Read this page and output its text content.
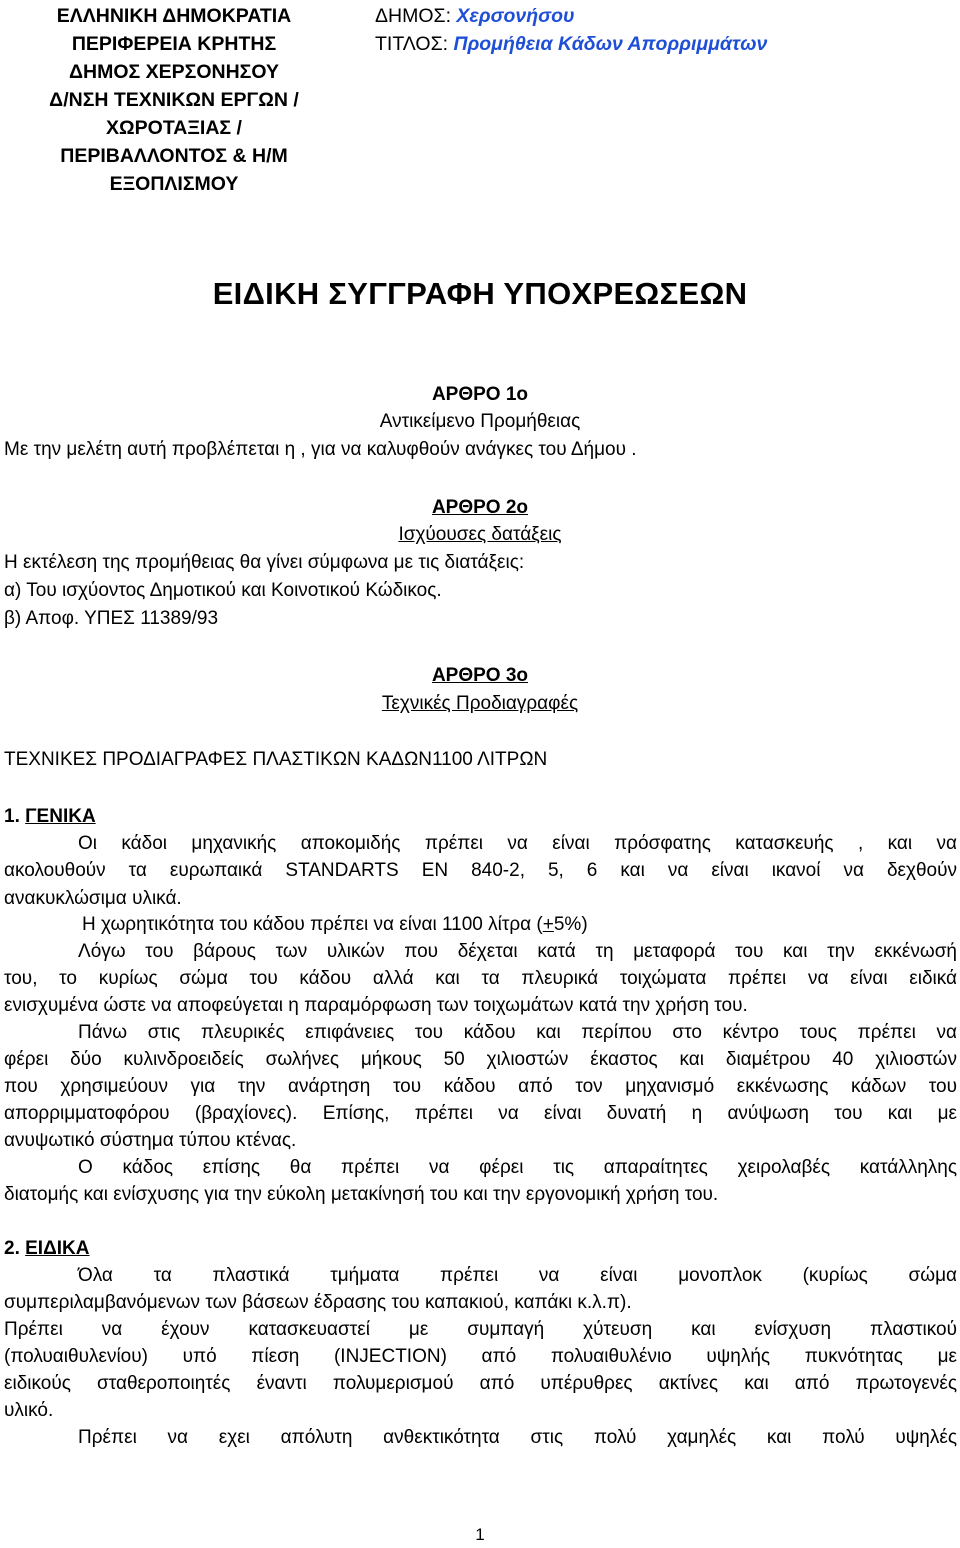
ΕΛΛΗΝΙΚΗ ΔΗΜΟΚΡΑΤΙΑ
ΠΕΡΙΦΕΡΕΙΑ ΚΡΗΤΗΣ
ΔΗΜΟΣ ΧΕΡΣΟΝΗΣΟΥ
Δ/ΝΣΗ ΤΕΧΝΙΚΩΝ ΕΡΓΩΝ /
ΧΩΡΟΤΑΞΙΑΣ /
ΠΕΡΙΒΑΛΛΟΝΤΟΣ & Η/Μ
ΕΞΟΠΛΙΣΜΟΥ
ΔΗΜΟΣ: Χερσονήσου
ΤΙΤΛΟΣ: Προμήθεια Κάδων Απορριμμάτων
ΕΙΔΙΚΗ ΣΥΓΓΡΑΦΗ ΥΠΟΧΡΕΩΣΕΩΝ
ΑΡΘΡΟ 1ο
Αντικείμενο Προμήθειας
Με την μελέτη αυτή προβλέπεται η , για να καλυφθούν ανάγκες του Δήμου .
ΑΡΘΡΟ 2ο
Ισχύουσες δατάξεις
Η εκτέλεση της προμήθειας θα γίνει σύμφωνα με τις διατάξεις:
α) Του ισχύοντος Δημοτικού και Κοινοτικού Κώδικος.
β) Αποφ. ΥΠΕΣ 11389/93
ΑΡΘΡΟ 3ο
Τεχνικές Προδιαγραφές
ΤΕΧΝΙΚΕΣ ΠΡΟΔΙΑΓΡΑΦΕΣ ΠΛΑΣΤΙΚΩΝ ΚΑΔΩΝ1100 ΛΙΤΡΩΝ
1. ΓΕΝΙΚΑ
Οι κάδοι μηχανικής αποκομιδής πρέπει να είναι πρόσφατης κατασκευής , και να
ακολουθούν τα ευρωπαικά STANDARTS EN 840-2, 5, 6 και να είναι ικανοί να δεχθούν
ανακυκλώσιμα υλικά.
Η χωρητικότητα του κάδου πρέπει να είναι 1100 λίτρα (+5%)
Λόγω του βάρους των υλικών που δέχεται κατά τη μεταφορά του και την εκκένωσή
του, το κυρίως σώμα του κάδου αλλά και τα πλευρικά τοιχώματα πρέπει να είναι ειδικά
ενισχυμένα ώστε να αποφεύγεται η παραμόρφωση των τοιχωμάτων κατά την χρήση του.
Πάνω στις πλευρικές επιφάνειες του κάδου και περίπου στο κέντρο τους πρέπει να
φέρει δύο κυλινδροειδείς σωλήνες μήκους 50 χιλιοστών έκαστος και διαμέτρου 40 χιλιοστών
που χρησιμεύουν για την ανάρτηση του κάδου από τον μηχανισμό εκκένωσης κάδων του
απορριμματοφόρου (βραχίονες). Επίσης, πρέπει να είναι δυνατή η ανύψωση του και με
ανυψωτικό σύστημα τύπου κτένας.
Ο κάδος επίσης θα πρέπει να φέρει τις απαραίτητες χειρολαβές κατάλληλης
διατομής και ενίσχυσης για την εύκολη μετακίνησή του και την εργονομική χρήση του.
2. ΕΙΔΙΚΑ
Όλα τα πλαστικά τμήματα πρέπει να είναι μονοπλοκ (κυρίως σώμα
συμπεριλαμβανόμενων των βάσεων έδρασης του καπακιού, καπάκι κ.λ.π).
Πρέπει να έχουν κατασκευαστεί με συμπαγή χύτευση και ενίσχυση πλαστικού
(πολυαιθυλενίου) υπό πίεση (INJECTION) από πολυαιθυλένιο υψηλής πυκνότητας με
ειδικούς σταθεροποιητές έναντι πολυμερισμού από υπέρυθρες ακτίνες και από πρωτογενές
υλικό.
Πρέπει να εχει απόλυτη ανθεκτικότητα στις πολύ χαμηλές και πολύ υψηλές
1
